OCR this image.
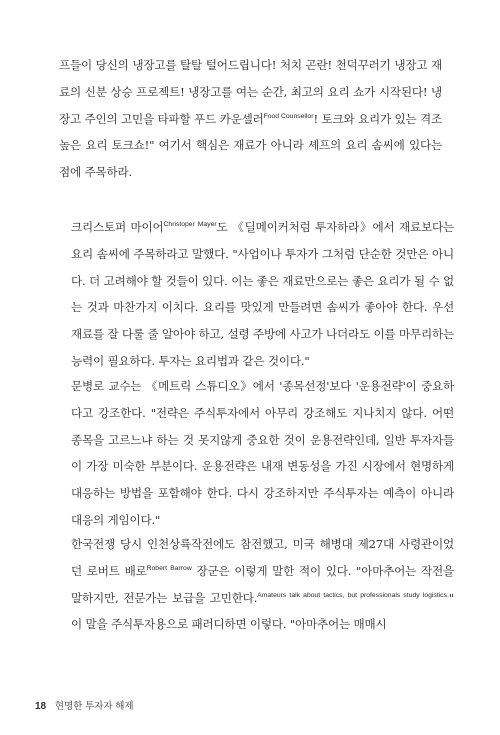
프들이 당신의 냉장고를 탈탈 털어드립니다! 처치 곤란! 천덕꾸러기 냉장고 재료의 신분 상승 프로젝트! 냉장고를 여는 순간, 최고의 요리 쇼가 시작된다! 냉장고 주인의 고민을 타파할 푸드 카운셀러$^{Food Counsellor}$! 토크와 요리가 있는 격조 높은 요리 토크쇼!" 여기서 핵심은 재료가 아니라 셰프의 요리 솜씨에 있다는 점에 주목하라.

크리스토퍼 마이어$^{Christoper Mayer}$도 《딜메이커처럼 투자하라》에서 재료보다는 요리 솜씨에 주목하라고 말했다. "사업이나 투자가 그처럼 단순한 것만은 아니다. 더 고려해야 할 것들이 있다. 이는 좋은 재료만으로는 좋은 요리가 될 수 없는 것과 마찬가지 이치다. 요리를 맛있게 만들려면 솜씨가 좋아야 한다. 우선 재료를 잘 다룰 줄 알아야 하고, 설령 주방에 사고가 나더라도 이를 마무리하는 능력이 필요하다. 투자는 요리법과 같은 것이다."

문병로 교수는 《메트릭 스튜디오》에서 '종목선정'보다 '운용전략'이 중요하다고 강조한다. "전략은 주식투자에서 아무리 강조해도 지나치지 않다. 어떤 종목을 고르느냐 하는 것 못지않게 중요한 것이 운용전략인데, 일반 투자자들이 가장 미숙한 부분이다. 운용전략은 내재 변동성을 가진 시장에서 현명하게 대응하는 방법을 포함해야 한다. 다시 강조하지만 주식투자는 예측이 아니라 대응의 게임이다."

한국전쟁 당시 인천상륙작전에도 참전했고, 미국 해병대 제27대 사령관이었던 로버트 배로$^{Robert Barrow}$ 장군은 이렇게 말한 적이 있다. "아마추어는 작전을 말하지만, 전문가는 보급을 고민한다.$^{Amateurs talk about tactics, but professionals study logistics.}$" 이 말을 주식투자용으로 패러디하면 이렇다. "아마추어는 매매시

18 현명한 투자자 해제
